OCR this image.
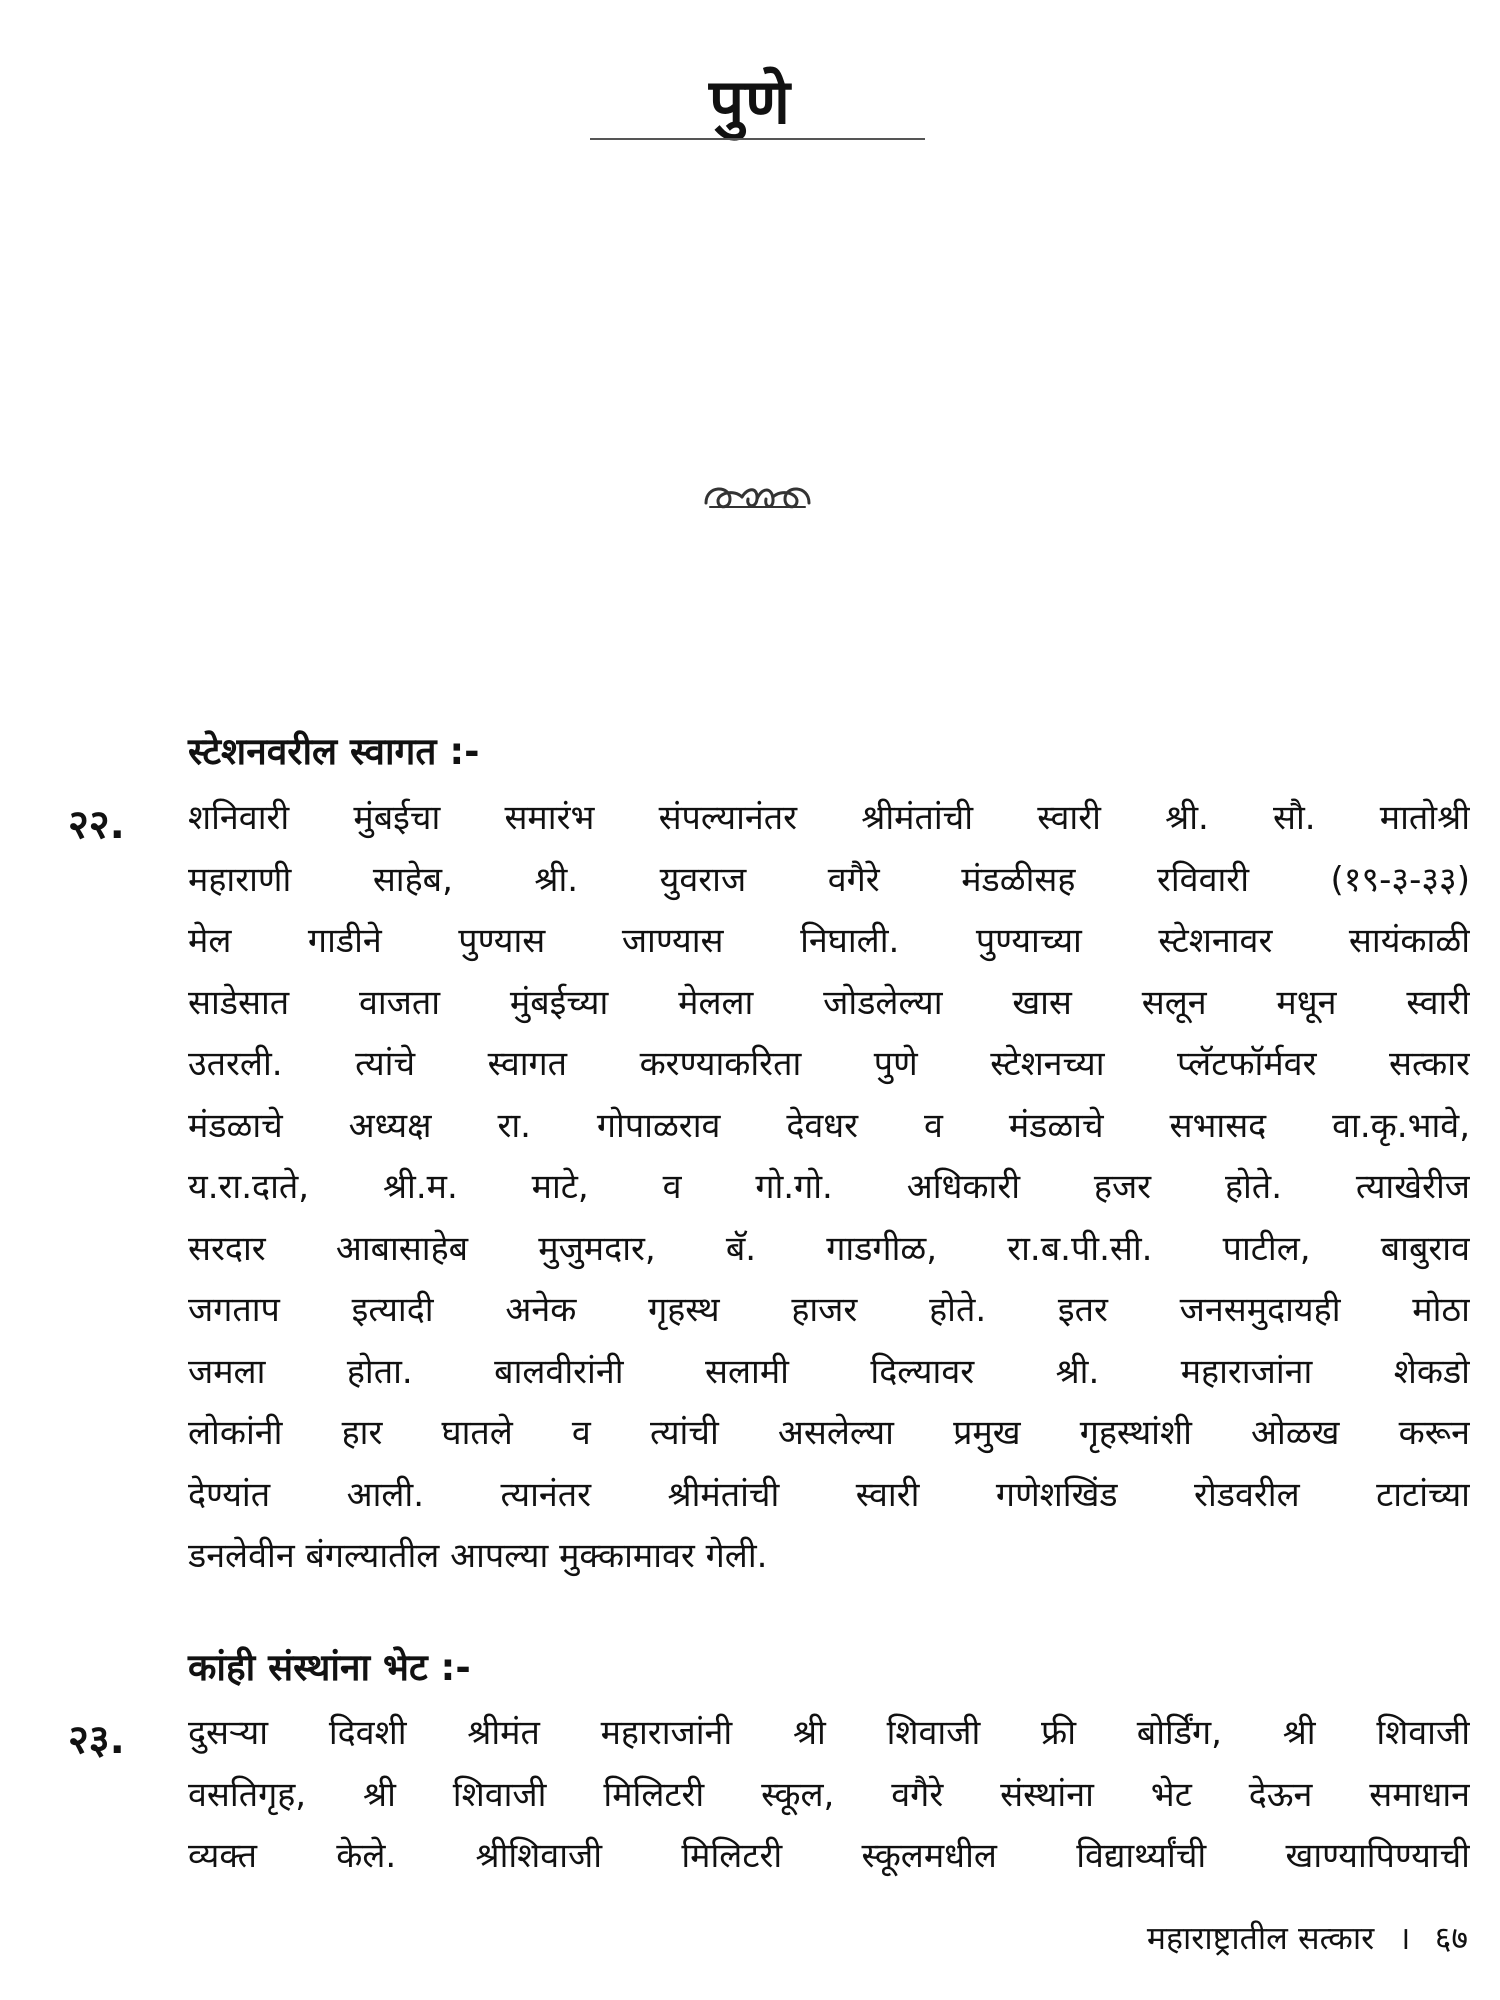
पुणे
स्टेशनवरील स्वागत :-
२२. शनिवारी मुंबईचा समारंभ संपल्यानंतर श्रीमंतांची स्वारी श्री. सौ. मातोश्री
महाराणी साहेब, श्री. युवराज वगैरे मंडळीसह रविवारी (१९-३-३३)
मेल गाडीने पुण्यास जाण्यास निघाली. पुण्याच्या स्टेशनावर सायंकाळी
साडेसात वाजता मुंबईच्या मेलला जोडलेल्या खास सलून मधून स्वारी
उतरली. त्यांचे स्वागत करण्याकरिता पुणे स्टेशनच्या प्लॅटफॉर्मवर सत्कार
मंडळाचे अध्यक्ष रा. गोपाळराव देवधर व मंडळाचे सभासद वा.कृ.भावे,
य.रा.दाते, श्री.म. माटे, व गो.गो. अधिकारी हजर होते. त्याखेरीज
सरदार आबासाहेब मुजुमदार, बॅ. गाडगीळ, रा.ब.पी.सी. पाटील, बाबुराव
जगताप इत्यादी अनेक गृहस्थ हाजर होते. इतर जनसमुदायही मोठा
जमला होता. बालवीरांनी सलामी दिल्यावर श्री. महाराजांना शेकडो
लोकांनी हार घातले व त्यांची असलेल्या प्रमुख गृहस्थांशी ओळख करून
देण्यांत आली. त्यानंतर श्रीमंतांची स्वारी गणेशखिंड रोडवरील टाटांच्या
डनलेवीन बंगल्यातील आपल्या मुक्कामावर गेली.
कांही संस्थांना भेट :-
२३. दुसऱ्या दिवशी श्रीमंत महाराजांनी श्री शिवाजी फ्री बोर्डिंग, श्री शिवाजी
वसतिगृह, श्री शिवाजी मिलिटरी स्कूल, वगैरे संस्थांना भेट देऊन समाधान
व्यक्त केले. श्रीशिवाजी मिलिटरी स्कूलमधील विद्यार्थ्यांची खाण्यापिण्याची
महाराष्ट्रातील सत्कार । ६७
